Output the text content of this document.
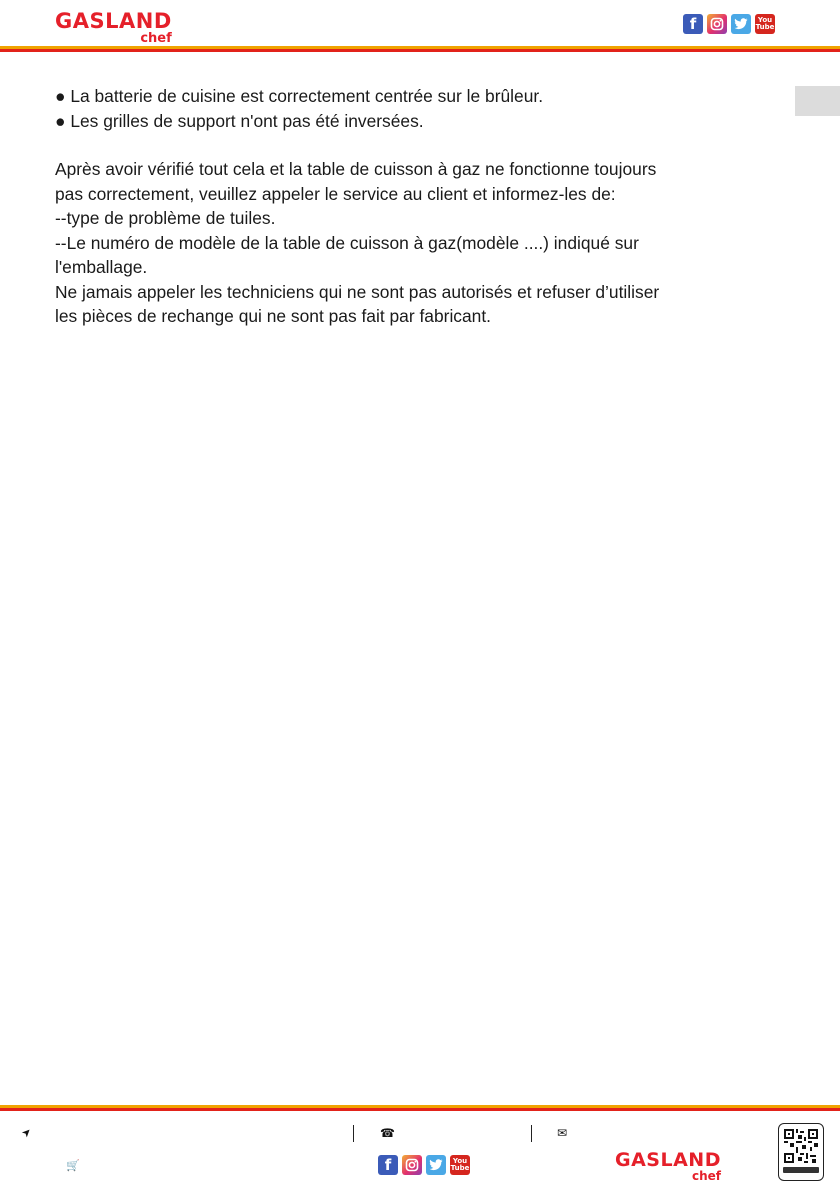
GASLAND
chef
f	You
Tube

● La batterie de cuisine est correctement centrée sur le brûleur.

● Les grilles de support n'ont pas été inversées.

Après avoir vérifié tout cela et la table de cuisson à gaz ne fonctionne toujours

pas correctement, veuillez appeler le service au client et informez-les de:

--type de problème de tuiles.

--Le numéro de modèle de la table de cuisson à gaz(modèle ....) indiqué sur

l'emballage.

Ne jamais appeler les techniciens qui ne sont pas autorisés et refuser d’utiliser

les pièces de rechange qui ne sont pas fait par fabricant.

➤	☎	✉
🛒	f	You
Tube	GASLAND
chef
